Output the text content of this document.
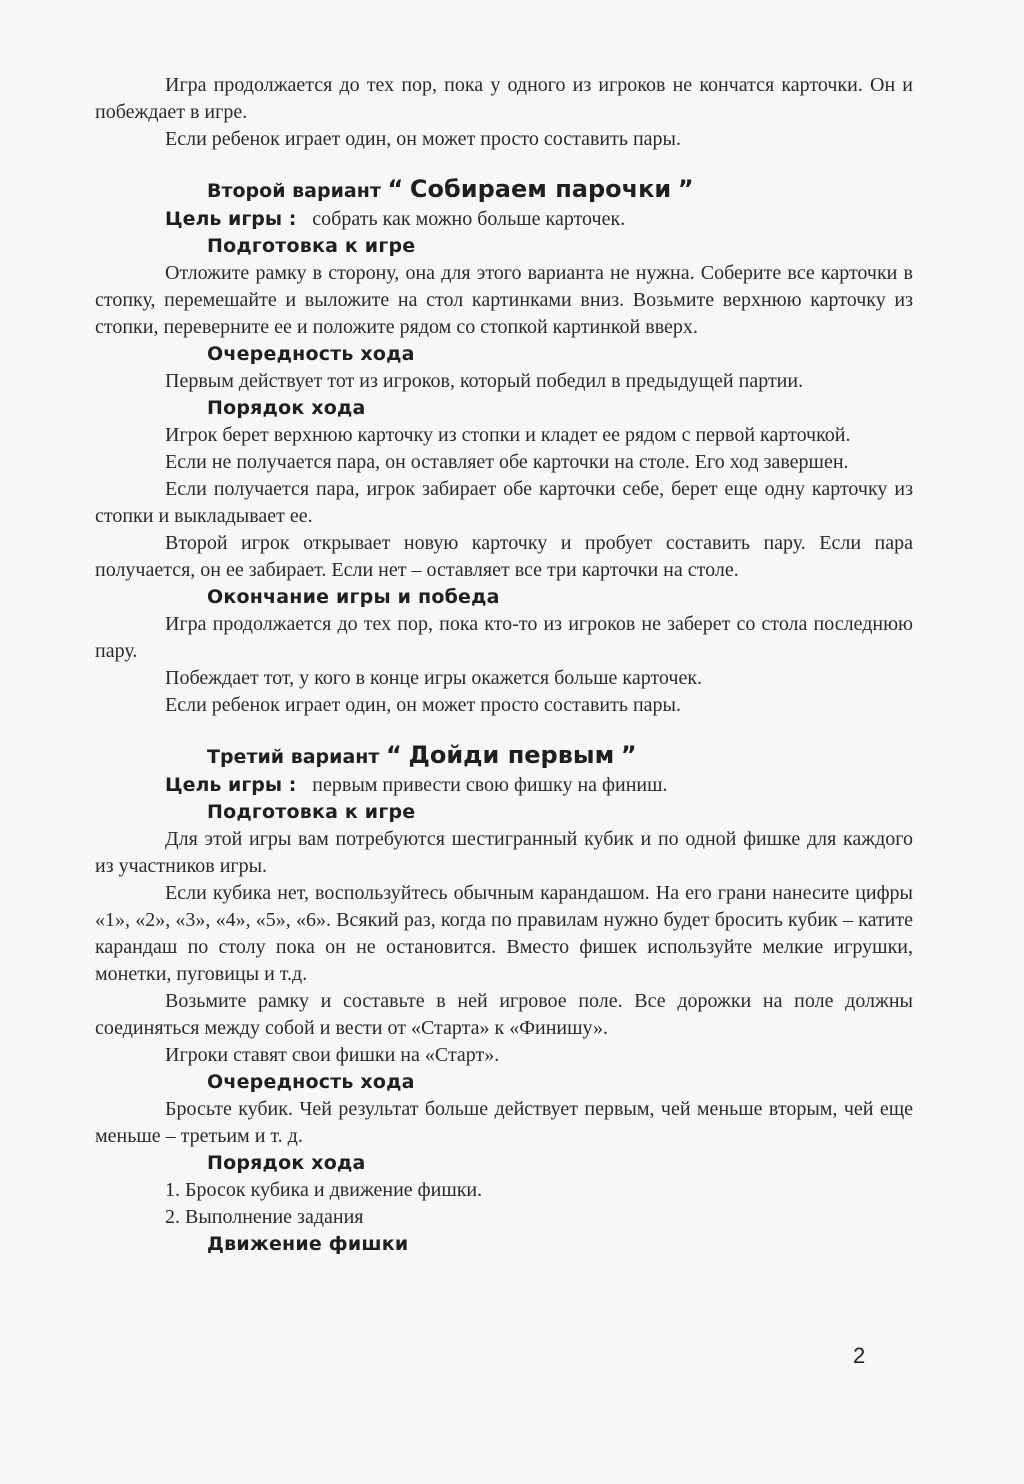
Игра продолжается до тех пор, пока у одного из игроков не кончатся карточки. Он и побеждает в игре.

Если ребенок играет один, он может просто составить пары.

Второй вариант “ Собираем парочки ”
Цель игры : собрать как можно больше карточек.
Подготовка к игре

Отложите рамку в сторону, она для этого варианта не нужна. Соберите все карточки в стопку, перемешайте и выложите на стол картинками вниз. Возьмите верхнюю карточку из стопки, переверните ее и положите рядом со стопкой картинкой вверх.

Очередность хода

Первым действует тот из игроков, который победил в предыдущей партии.

Порядок хода

Игрок берет верхнюю карточку из стопки и кладет ее рядом с первой карточкой.

Если не получается пара, он оставляет обе карточки на столе. Его ход завершен.

Если получается пара, игрок забирает обе карточки себе, берет еще одну карточку из стопки и выкладывает ее.

Второй игрок открывает новую карточку и пробует составить пару. Если пара получается, он ее забирает. Если нет – оставляет все три карточки на столе.

Окончание игры и победа

Игра продолжается до тех пор, пока кто-то из игроков не заберет со стола последнюю пару.

Побеждает тот, у кого в конце игры окажется больше карточек.

Если ребенок играет один, он может просто составить пары.

Третий вариант “ Дойди первым ”
Цель игры : первым привести свою фишку на финиш.
Подготовка к игре

Для этой игры вам потребуются шестигранный кубик и по одной фишке для каждого из участников игры.

Если кубика нет, воспользуйтесь обычным карандашом. На его грани нанесите цифры «1», «2», «3», «4», «5», «6». Всякий раз, когда по правилам нужно будет бросить кубик – катите карандаш по столу пока он не остановится. Вместо фишек используйте мелкие игрушки, монетки, пуговицы и т.д.

Возьмите рамку и составьте в ней игровое поле. Все дорожки на поле должны соединяться между собой и вести от «Старта» к «Финишу».

Игроки ставят свои фишки на «Старт».

Очередность хода

Бросьте кубик. Чей результат больше действует первым, чей меньше вторым, чей еще меньше – третьим и т. д.

Порядок хода
1. Бросок кубика и движение фишки.
2. Выполнение задания
Движение фишки
2
